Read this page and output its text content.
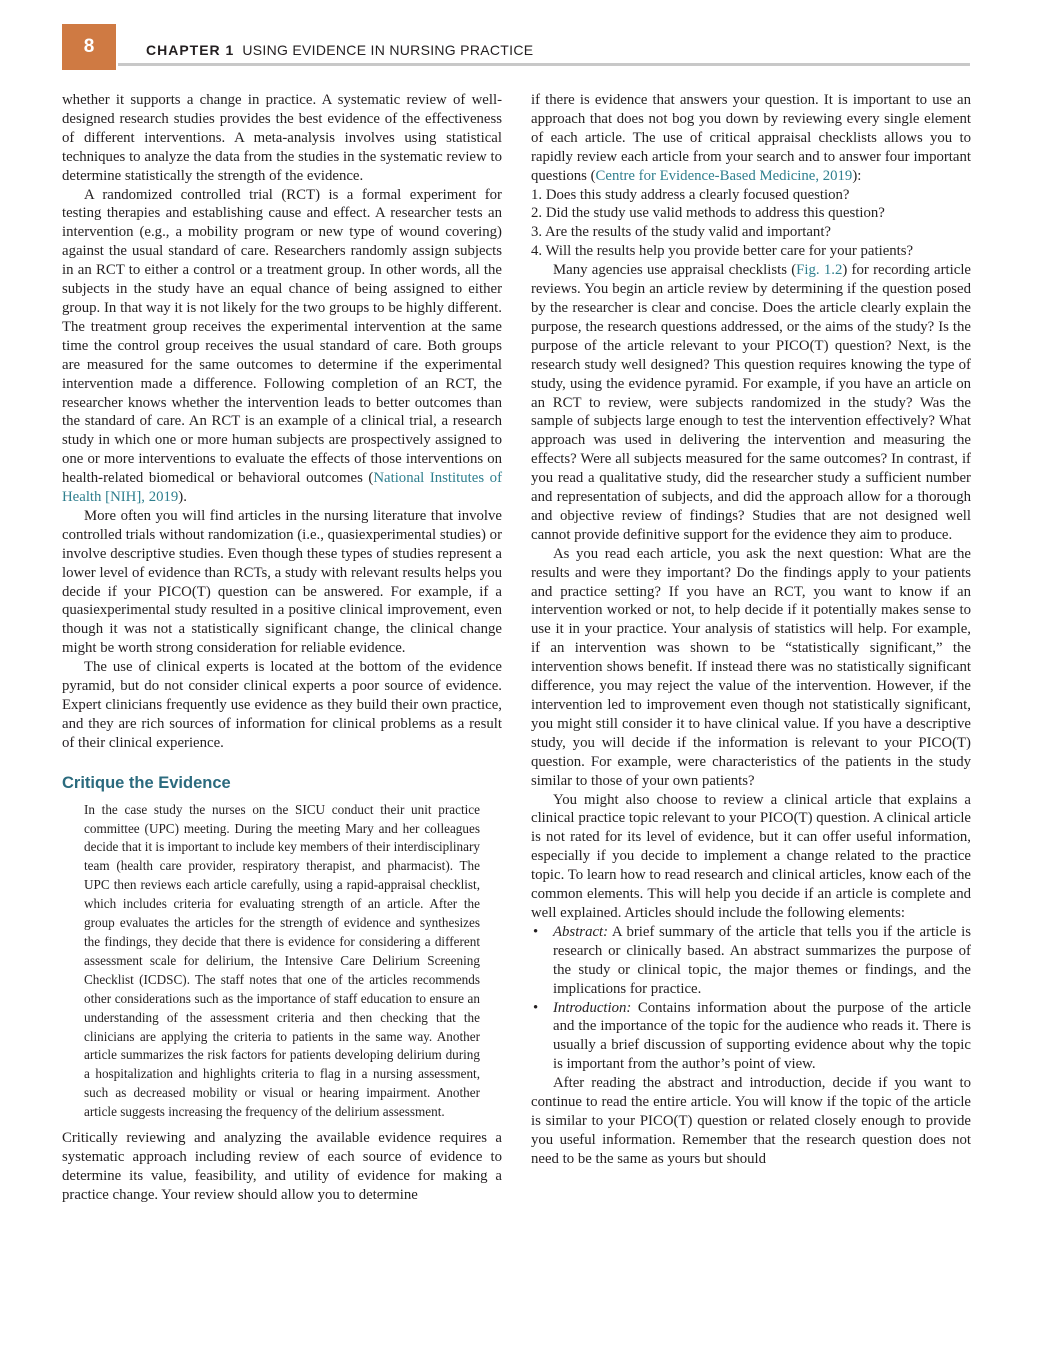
8	CHAPTER 1 USING EVIDENCE IN NURSING PRACTICE

whether it supports a change in practice. A systematic review of well-designed research studies provides the best evidence of the effectiveness of different interventions. A meta-analysis involves using statistical techniques to analyze the data from the studies in the systematic review to determine statistically the strength of the evidence.

A randomized controlled trial (RCT) is a formal experiment for testing therapies and establishing cause and effect. A researcher tests an intervention (e.g., a mobility program or new type of wound covering) against the usual standard of care. Researchers randomly assign subjects in an RCT to either a control or a treatment group. In other words, all the subjects in the study have an equal chance of being assigned to either group. In that way it is not likely for the two groups to be highly different. The treatment group receives the experimental intervention at the same time the control group receives the usual standard of care. Both groups are measured for the same outcomes to determine if the experimental intervention made a difference. Following completion of an RCT, the researcher knows whether the intervention leads to better outcomes than the standard of care. An RCT is an example of a clinical trial, a research study in which one or more human subjects are prospectively assigned to one or more interventions to evaluate the effects of those interventions on health-related biomedical or behavioral outcomes (National Institutes of Health [NIH], 2019).

More often you will find articles in the nursing literature that involve controlled trials without randomization (i.e., quasiexperimental studies) or involve descriptive studies. Even though these types of studies represent a lower level of evidence than RCTs, a study with relevant results helps you decide if your PICO(T) question can be answered. For example, if a quasiexperimental study resulted in a positive clinical improvement, even though it was not a statistically significant change, the clinical change might be worth strong consideration for reliable evidence.

The use of clinical experts is located at the bottom of the evidence pyramid, but do not consider clinical experts a poor source of evidence. Expert clinicians frequently use evidence as they build their own practice, and they are rich sources of information for clinical problems as a result of their clinical experience.

Critique the Evidence

In the case study the nurses on the SICU conduct their unit practice committee (UPC) meeting. During the meeting Mary and her colleagues decide that it is important to include key members of their interdisciplinary team (health care provider, respiratory therapist, and pharmacist). The UPC then reviews each article carefully, using a rapid-appraisal checklist, which includes criteria for evaluating strength of an article. After the group evaluates the articles for the strength of evidence and synthesizes the findings, they decide that there is evidence for considering a different assessment scale for delirium, the Intensive Care Delirium Screening Checklist (ICDSC). The staff notes that one of the articles recommends other considerations such as the importance of staff education to ensure an understanding of the assessment criteria and then checking that the clinicians are applying the criteria to patients in the same way. Another article summarizes the risk factors for patients developing delirium during a hospitalization and highlights criteria to flag in a nursing assessment, such as decreased mobility or visual or hearing impairment. Another article suggests increasing the frequency of the delirium assessment.

Critically reviewing and analyzing the available evidence requires a systematic approach including review of each source of evidence to determine its value, feasibility, and utility of evidence for making a practice change. Your review should allow you to determine

if there is evidence that answers your question. It is important to use an approach that does not bog you down by reviewing every single element of each article. The use of critical appraisal checklists allows you to rapidly review each article from your search and to answer four important questions (Centre for Evidence-Based Medicine, 2019):

1. Does this study address a clearly focused question?
2. Did the study use valid methods to address this question?
3. Are the results of the study valid and important?
4. Will the results help you provide better care for your patients?

Many agencies use appraisal checklists (Fig. 1.2) for recording article reviews. You begin an article review by determining if the question posed by the researcher is clear and concise. Does the article clearly explain the purpose, the research questions addressed, or the aims of the study? Is the purpose of the article relevant to your PICO(T) question? Next, is the research study well designed? This question requires knowing the type of study, using the evidence pyramid. For example, if you have an article on an RCT to review, were subjects randomized in the study? Was the sample of subjects large enough to test the intervention effectively? What approach was used in delivering the intervention and measuring the effects? Were all subjects measured for the same outcomes? In contrast, if you read a qualitative study, did the researcher study a sufficient number and representation of subjects, and did the approach allow for a thorough and objective review of findings? Studies that are not designed well cannot provide definitive support for the evidence they aim to produce.

As you read each article, you ask the next question: What are the results and were they important? Do the findings apply to your patients and practice setting? If you have an RCT, you want to know if an intervention worked or not, to help decide if it potentially makes sense to use it in your practice. Your analysis of statistics will help. For example, if an intervention was shown to be “statistically significant,” the intervention shows benefit. If instead there was no statistically significant difference, you may reject the value of the intervention. However, if the intervention led to improvement even though not statistically significant, you might still consider it to have clinical value. If you have a descriptive study, you will decide if the information is relevant to your PICO(T) question. For example, were characteristics of the patients in the study similar to those of your own patients?

You might also choose to review a clinical article that explains a clinical practice topic relevant to your PICO(T) question. A clinical article is not rated for its level of evidence, but it can offer useful information, especially if you decide to implement a change related to the practice topic. To learn how to read research and clinical articles, know each of the common elements. This will help you decide if an article is complete and well explained. Articles should include the following elements:

• Abstract: A brief summary of the article that tells you if the article is research or clinically based. An abstract summarizes the purpose of the study or clinical topic, the major themes or findings, and the implications for practice.
• Introduction: Contains information about the purpose of the article and the importance of the topic for the audience who reads it. There is usually a brief discussion of supporting evidence about why the topic is important from the author’s point of view.

After reading the abstract and introduction, decide if you want to continue to read the entire article. You will know if the topic of the article is similar to your PICO(T) question or related closely enough to provide you useful information. Remember that the research question does not need to be the same as yours but should
